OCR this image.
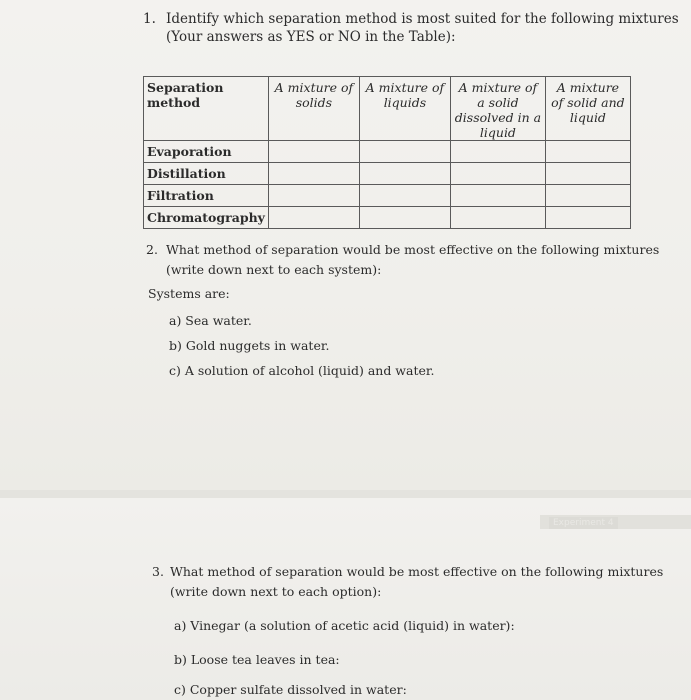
1. Identify which separation method is most suited for the following mixtures
(Your answers as YES or NO in the Table):
Separation method	A mixture of solids	A mixture of liquids	A mixture of a solid dissolved in a liquid	A mixture of solid and liquid
Evaporation				
Distillation				
Filtration				
Chromatography				
2. What method of separation would be most effective on the following mixtures
(write down next to each system):
Systems are:
a) Sea water.
b) Gold nuggets in water.
c) A solution of alcohol (liquid) and water.
Experiment 4
3. What method of separation would be most effective on the following mixtures
(write down next to each option):
a) Vinegar (a solution of acetic acid (liquid) in water):
b) Loose tea leaves in tea:
c) Copper sulfate dissolved in water:
